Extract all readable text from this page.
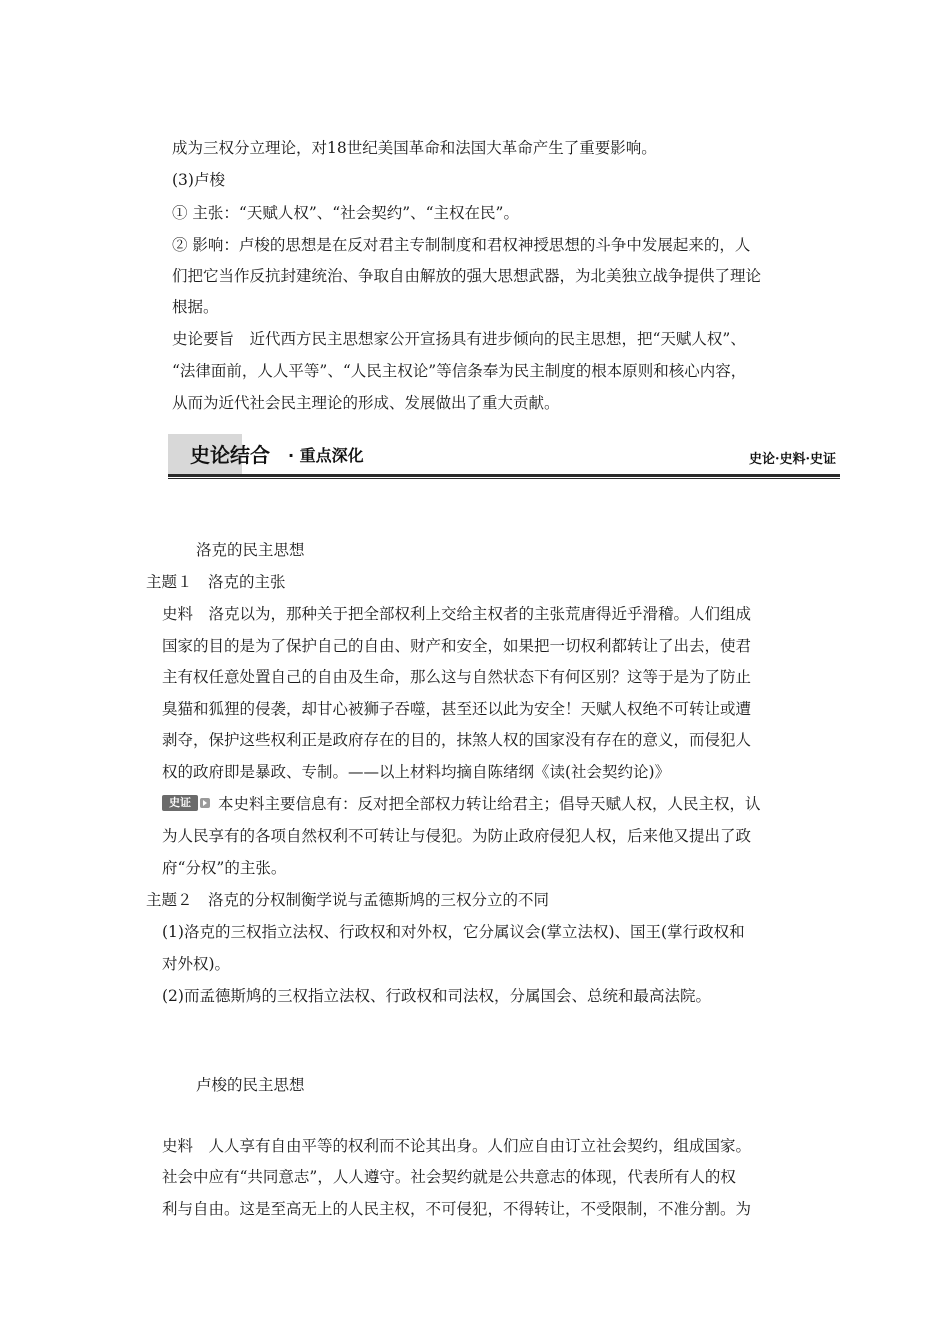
成为三权分立理论，对18世纪美国革命和法国大革命产生了重要影响。
(3)卢梭
① 主张：“天赋人权”、“社会契约”、“主权在民”。
② 影响：卢梭的思想是在反对君主专制制度和君权神授思想的斗争中发展起来的，人
们把它当作反抗封建统治、争取自由解放的强大思想武器，为北美独立战争提供了理论
根据。
史论要旨　近代西方民主思想家公开宣扬具有进步倾向的民主思想，把“天赋人权”、
“法律面前，人人平等”、“人民主权论”等信条奉为民主制度的根本原则和核心内容，
从而为近代社会民主理论的形成、发展做出了重大贡献。
史论结合 · 重点深化	史论·史料·史证
洛克的民主思想
主题１　洛克的主张
史料　洛克以为，那种关于把全部权利上交给主权者的主张荒唐得近乎滑稽。人们组成
国家的目的是为了保护自己的自由、财产和安全，如果把一切权利都转让了出去，使君
主有权任意处置自己的自由及生命，那么这与自然状态下有何区别？这等于是为了防止
臭猫和狐狸的侵袭，却甘心被狮子吞噬，甚至还以此为安全！天赋人权绝不可转让或遭
剥夺，保护这些权利正是政府存在的目的，抹煞人权的国家没有存在的意义，而侵犯人
权的政府即是暴政、专制。——以上材料均摘自陈绪纲《读(社会契约论)》
史证	本史料主要信息有：反对把全部权力转让给君主；倡导天赋人权，人民主权，认
为人民享有的各项自然权利不可转让与侵犯。为防止政府侵犯人权，后来他又提出了政
府“分权”的主张。
主题２　洛克的分权制衡学说与孟德斯鸠的三权分立的不同
(1)洛克的三权指立法权、行政权和对外权，它分属议会(掌立法权)、国王(掌行政权和
对外权)。
(2)而孟德斯鸠的三权指立法权、行政权和司法权，分属国会、总统和最高法院。
卢梭的民主思想
史料　人人享有自由平等的权利而不论其出身。人们应自由订立社会契约，组成国家。
社会中应有“共同意志”，人人遵守。社会契约就是公共意志的体现，代表所有人的权
利与自由。这是至高无上的人民主权，不可侵犯，不得转让，不受限制，不准分割。为
